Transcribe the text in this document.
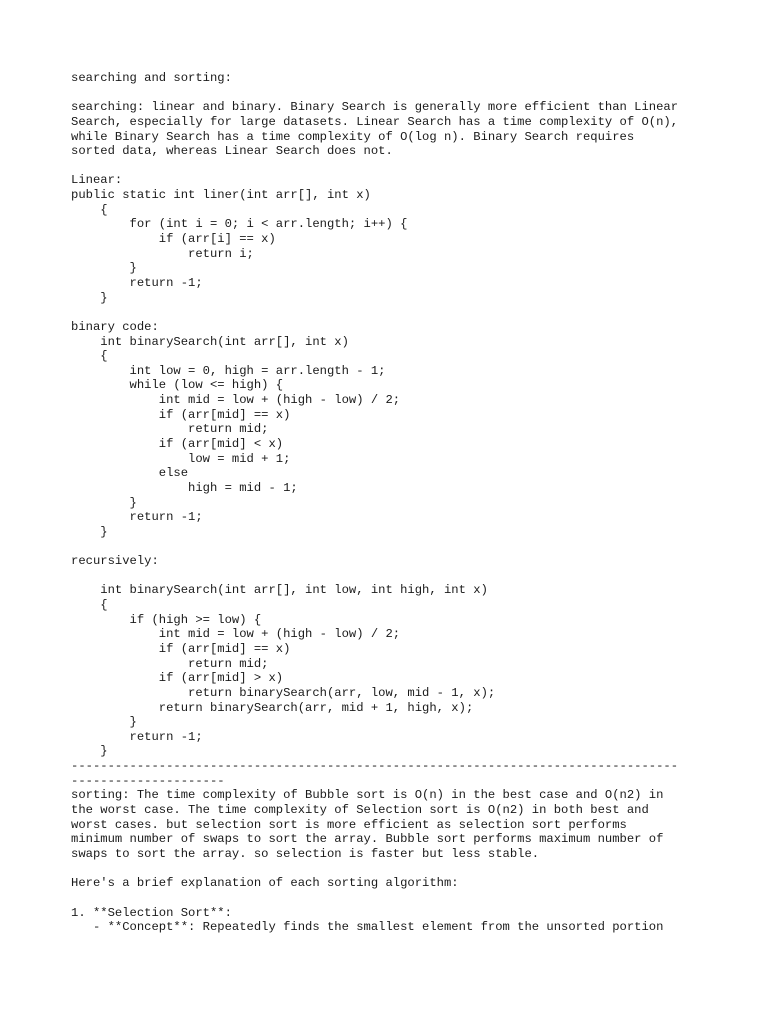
searching and sorting:
searching: linear and binary. Binary Search is generally more efficient than Linear
Search, especially for large datasets. Linear Search has a time complexity of O(n),
while Binary Search has a time complexity of O(log n). Binary Search requires
sorted data, whereas Linear Search does not.
Linear:
public static int liner(int arr[], int x)
{
for (int i = 0; i < arr.length; i++) {
if (arr[i] == x)
return i;
}
return -1;
}
binary code:
int binarySearch(int arr[], int x)
{
int low = 0, high = arr.length - 1;
while (low <= high) {
int mid = low + (high - low) / 2;
if (arr[mid] == x)
return mid;
if (arr[mid] < x)
low = mid + 1;
else
high = mid - 1;
}
return -1;
}
recursively:
int binarySearch(int arr[], int low, int high, int x)
{
if (high >= low) {
int mid = low + (high - low) / 2;
if (arr[mid] == x)
return mid;
if (arr[mid] > x)
return binarySearch(arr, low, mid - 1, x);
return binarySearch(arr, mid + 1, high, x);
}
return -1;
}
-----------------------------------------------------------------------------------
---------------------
sorting: The time complexity of Bubble sort is O(n) in the best case and O(n2) in
the worst case. The time complexity of Selection sort is O(n2) in both best and
worst cases. but selection sort is more efficient as selection sort performs
minimum number of swaps to sort the array. Bubble sort performs maximum number of
swaps to sort the array. so selection is faster but less stable.
Here's a brief explanation of each sorting algorithm:
1. **Selection Sort**:
- **Concept**: Repeatedly finds the smallest element from the unsorted portion
